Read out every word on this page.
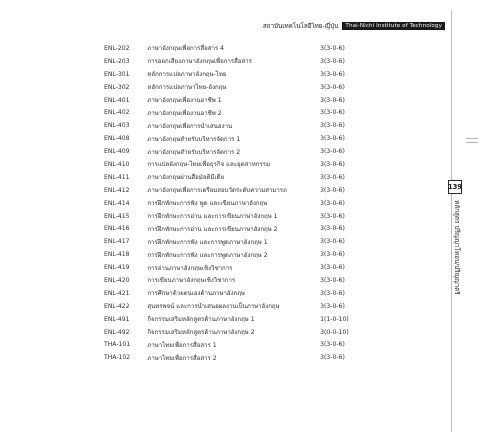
สถาบันเทคโนโลยีไทย-ญี่ปุ่น	Thai-Nichi Institute of Technology
ENL-202	ภาษาอังกฤษเพื่อการสื่อสาร 4	3(3-0-6)
ENL-203	การออกเสียงภาษาอังกฤษเพื่อการสื่อสาร	3(3-0-6)
ENL-301	หลักการแปลภาษาอังกฤษ-ไทย	3(3-0-6)
ENL-302	หลักการแปลภาษาไทย-อังกฤษ	3(3-0-6)
ENL-401	ภาษาอังกฤษเพื่องานอาชีพ 1	3(3-0-6)
ENL-402	ภาษาอังกฤษเพื่องานอาชีพ 2	3(3-0-6)
ENL-403	ภาษาอังกฤษเพื่อการนำเสนองาน	3(3-0-6)
ENL-408	ภาษาอังกฤษสำหรับบริหารจัดการ 1	3(3-0-6)
ENL-409	ภาษาอังกฤษสำหรับบริหารจัดการ 2	3(3-0-6)
ENL-410	การแปลอังกฤษ-ไทยเพื่อธุรกิจ และอุตสาหกรรม	3(3-0-6)
ENL-411	ภาษาอังกฤษผ่านสื่อมัลติมีเดีย	3(3-0-6)
ENL-412	ภาษาอังกฤษเพื่อการเตรียมสอบวัดระดับความสามารถ	3(3-0-6)
ENL-414	การฝึกทักษะการฟัง พูด และเขียนภาษาอังกฤษ	3(3-0-6)
ENL-415	การฝึกทักษะการอ่าน และการเขียนภาษาอังกฤษ 1	3(3-0-6)
ENL-416	การฝึกทักษะการอ่าน และการเขียนภาษาอังกฤษ 2	3(3-0-6)
ENL-417	การฝึกทักษะการฟัง และการพูดภาษาอังกฤษ 1	3(3-0-6)
ENL-418	การฝึกทักษะการฟัง และการพูดภาษาอังกฤษ 2	3(3-0-6)
ENL-419	การอ่านภาษาอังกฤษเชิงวิชาการ	3(3-0-6)
ENL-420	การเขียนภาษาอังกฤษเชิงวิชาการ	3(3-0-6)
ENL-421	การศึกษาด้วยตนเองด้านภาษาอังกฤษ	3(3-0-6)
ENL-422	สุนทรพจน์ และการนำเสนอผลงานเป็นภาษาอังกฤษ	3(3-0-6)
ENL-491	กิจกรรมเสริมหลักสูตรด้านภาษาอังกฤษ 1	1(1-0-10)
ENL-492	กิจกรรมเสริมหลักสูตรด้านภาษาอังกฤษ 2	3(0-0-10)
THA-101	ภาษาไทยเพื่อการสื่อสาร 1	3(3-0-6)
THA-102	ภาษาไทยเพื่อการสื่อสาร 2	3(3-0-6)
139
หลักสูตร ปริญญาโทอบ/ปริญญาตรี
